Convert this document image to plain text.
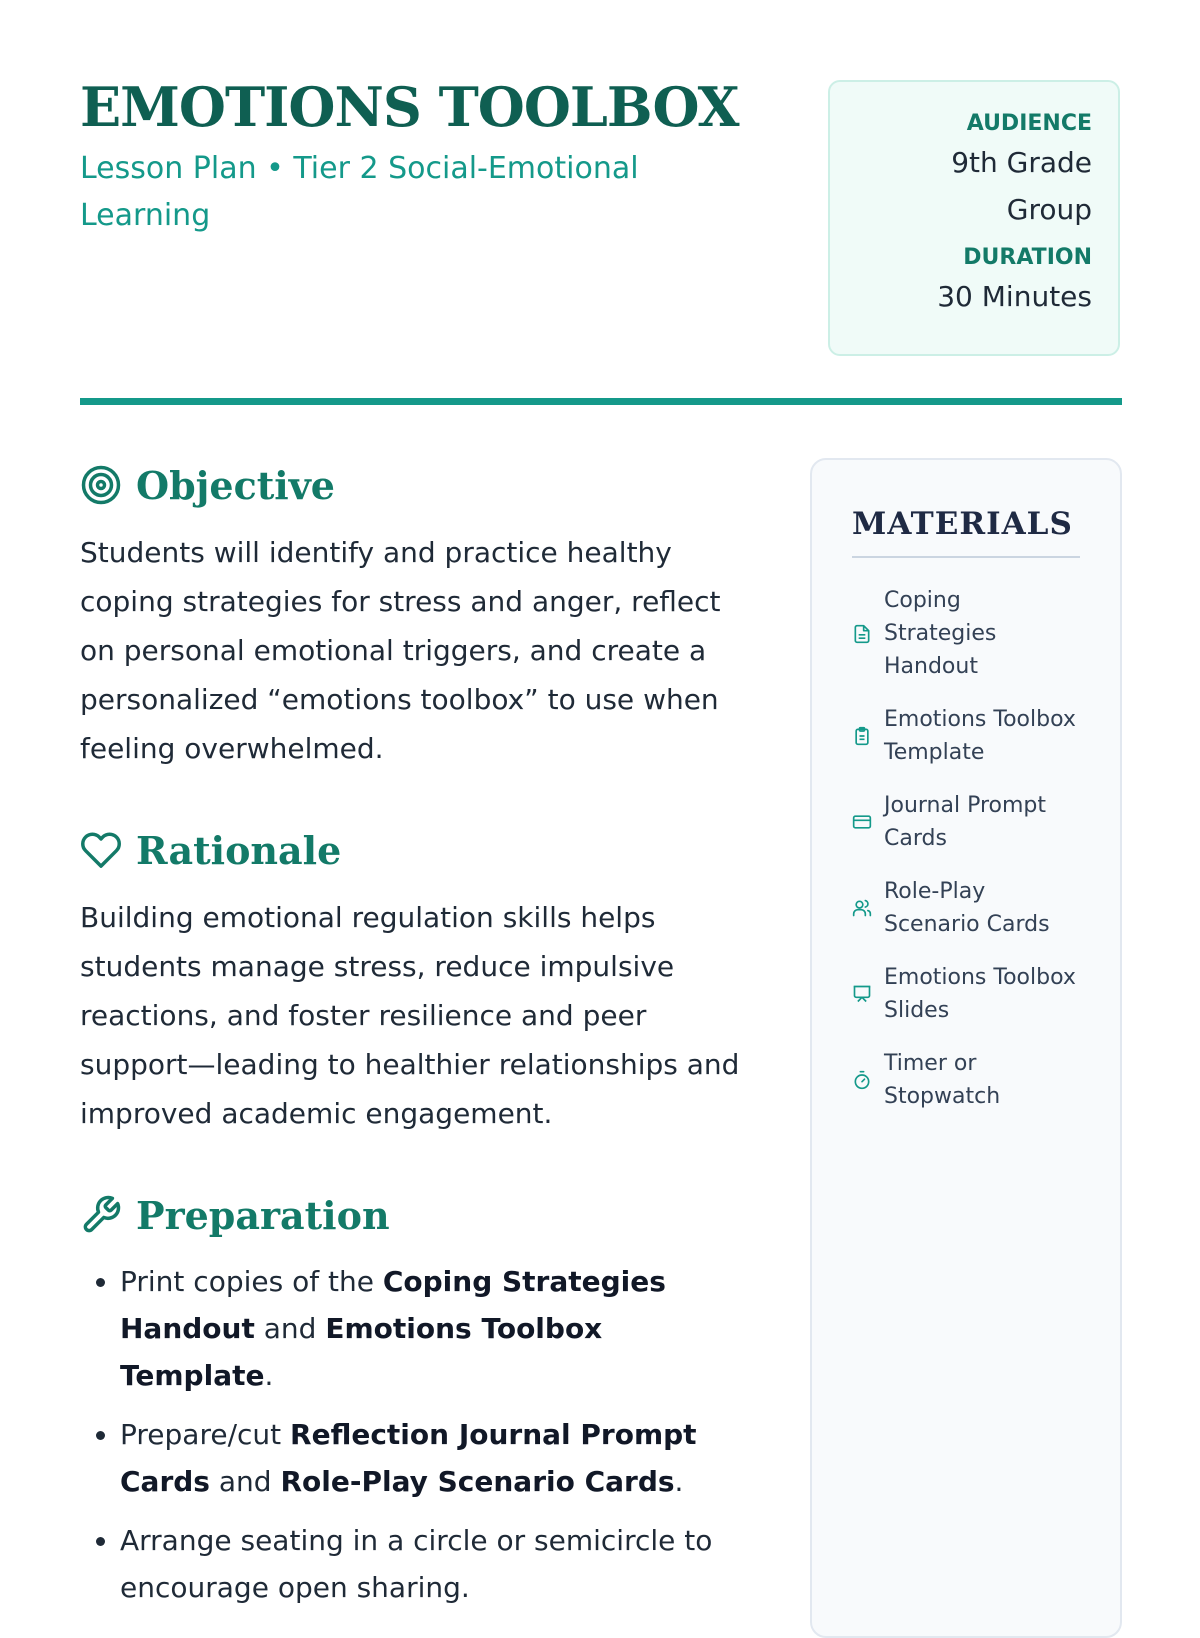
EMOTIONS TOOLBOX

Lesson Plan • Tier 2 Social-Emotional Learning

AUDIENCE
9th Grade
Group
DURATION
30 Minutes
Objective

Students will identify and practice healthy coping strategies for stress and anger, reflect on personal emotional triggers, and create a personalized “emotions toolbox” to use when feeling overwhelmed.

Rationale

Building emotional regulation skills helps students manage stress, reduce impulsive reactions, and foster resilience and peer support—leading to healthier relationships and improved academic engagement.

Preparation
• Print copies of the Coping Strategies Handout and Emotions Toolbox Template.
• Prepare/cut Reflection Journal Prompt Cards and Role-Play Scenario Cards.
• Arrange seating in a circle or semicircle to encourage open sharing.
MATERIALS
Coping Strategies Handout
Emotions Toolbox Template
Journal Prompt Cards
Role-Play Scenario Cards
Emotions Toolbox Slides
Timer or Stopwatch
